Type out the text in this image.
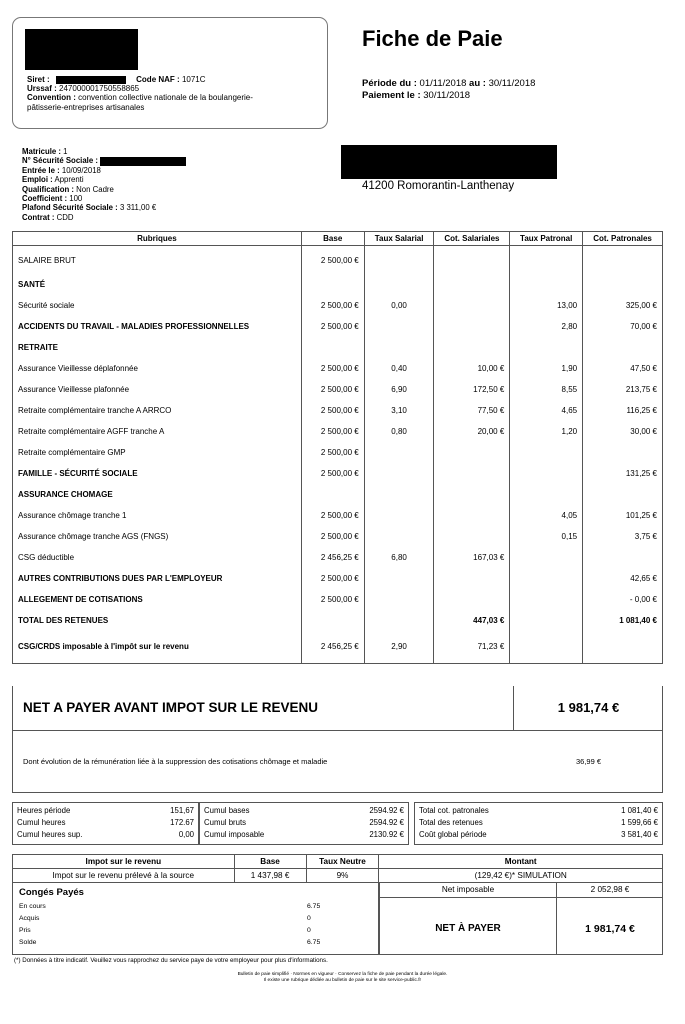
Siret :	Code NAF : 1071C
Urssaf : 247000001750558865
Convention : convention collective nationale de la boulangerie-
pâtisserie-entreprises artisanales
Fiche de Paie
Période du : 01/11/2018 au : 30/11/2018
Paiement le : 30/11/2018
Matricule : 1
N° Sécurité Sociale :
Entrée le : 10/09/2018
Emploi : Apprenti
Qualification : Non Cadre
Coefficient : 100
Plafond Sécurité Sociale : 3 311,00 €
Contrat : CDD
41200 Romorantin-Lanthenay
Rubriques	Base	Taux Salarial	Cot. Salariales	Taux Patronal	Cot. Patronales
SALAIRE BRUT	2 500,00 €				
SANTÉ					
Sécurité sociale	2 500,00 €	0,00		13,00	325,00 €
ACCIDENTS DU TRAVAIL - MALADIES PROFESSIONNELLES	2 500,00 €			2,80	70,00 €
RETRAITE					
Assurance Vieillesse déplafonnée	2 500,00 €	0,40	10,00 €	1,90	47,50 €
Assurance Vieillesse plafonnée	2 500,00 €	6,90	172,50 €	8,55	213,75 €
Retraite complémentaire tranche A ARRCO	2 500,00 €	3,10	77,50 €	4,65	116,25 €
Retraite complémentaire AGFF tranche A	2 500,00 €	0,80	20,00 €	1,20	30,00 €
Retraite complémentaire GMP	2 500,00 €				
FAMILLE - SÉCURITÉ SOCIALE	2 500,00 €				131,25 €
ASSURANCE CHOMAGE					
Assurance chômage tranche 1	2 500,00 €			4,05	101,25 €
Assurance chômage tranche AGS (FNGS)	2 500,00 €			0,15	3,75 €
CSG déductible	2 456,25 €	6,80	167,03 €		
AUTRES CONTRIBUTIONS DUES PAR L'EMPLOYEUR	2 500,00 €				42,65 €
ALLEGEMENT DE COTISATIONS	2 500,00 €				- 0,00 €
TOTAL DES RETENUES			447,03 €		1 081,40 €
CSG/CRDS imposable à l'impôt sur le revenu	2 456,25 €	2,90	71,23 €		
NET A PAYER AVANT IMPOT SUR LE REVENU	1 981,74 €
Dont évolution de la rémunération liée à la suppression des cotisations chômage et maladie	36,99 €
Heures période	151,67
Cumul heures	172.67
Cumul heures sup.	0,00
Cumul bases	2594.92 €
Cumul bruts	2594.92 €
Cumul imposable	2130.92 €
Total cot. patronales	1 081,40 €
Total des retenues	1 599,66 €
Coût global période	3 581,40 €
Impot sur le revenu	Base	Taux Neutre	Montant
Impot sur le revenu prélevé à la source	1 437,98 €	9%	(129,42 €)* SIMULATION
Congés Payés
En cours	6.75
Acquis	0
Pris	0
Solde	6.75
Net imposable	2 052,98 €
NET À PAYER	1 981,74 €
(*) Données à titre indicatif. Veuillez vous rapprochez du service paye de votre employeur pour plus d'informations.
Bulletin de paie simplifié · Normes en vigueur · Conservez la fiche de paie pendant la durée légale.
Il existe une rubrique dédiée au bulletin de paie sur le site service-public.fr
